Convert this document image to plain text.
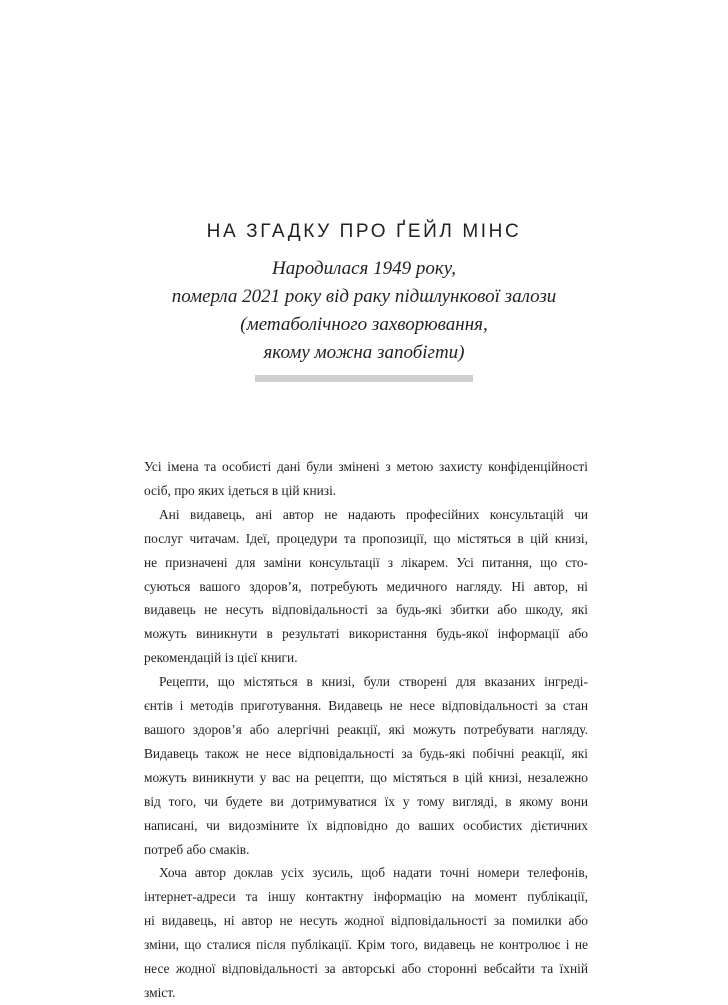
НА ЗГАДКУ ПРО ҐЕЙЛ МІНС
Народилася 1949 року,
померла 2021 року від раку підшлункової залози
(метаболічного захворювання,
якому можна запобігти)

Усі імена та особисті дані були змінені з метою захисту конфіденційності
осіб, про яких ідеться в цій книзі.

Ані видавець, ані автор не надають професійних консультацій чи
послуг читачам. Ідеї, процедури та пропозиції, що містяться в цій книзі,
не призначені для заміни консультації з лікарем. Усі питання, що сто-
суються вашого здоров’я, потребують медичного нагляду. Ні автор, ні
видавець не несуть відповідальності за будь-які збитки або шкоду, які
можуть виникнути в результаті використання будь-якої інформації або
рекомендацій із цієї книги.

Рецепти, що містяться в книзі, були створені для вказаних інгреді-
єнтів і методів приготування. Видавець не несе відповідальності за стан
вашого здоров’я або алергічні реакції, які можуть потребувати нагляду.
Видавець також не несе відповідальності за будь-які побічні реакції, які
можуть виникнути у вас на рецепти, що містяться в цій книзі, незалежно
від того, чи будете ви дотримуватися їх у тому вигляді, в якому вони
написані, чи видозміните їх відповідно до ваших особистих дієтичних
потреб або смаків.

Хоча автор доклав усіх зусиль, щоб надати точні номери телефонів,
інтернет-адреси та іншу контактну інформацію на момент публікації,
ні видавець, ні автор не несуть жодної відповідальності за помилки або
зміни, що сталися після публікації. Крім того, видавець не контролює і не
несе жодної відповідальності за авторські або сторонні вебсайти та їхній
зміст.
